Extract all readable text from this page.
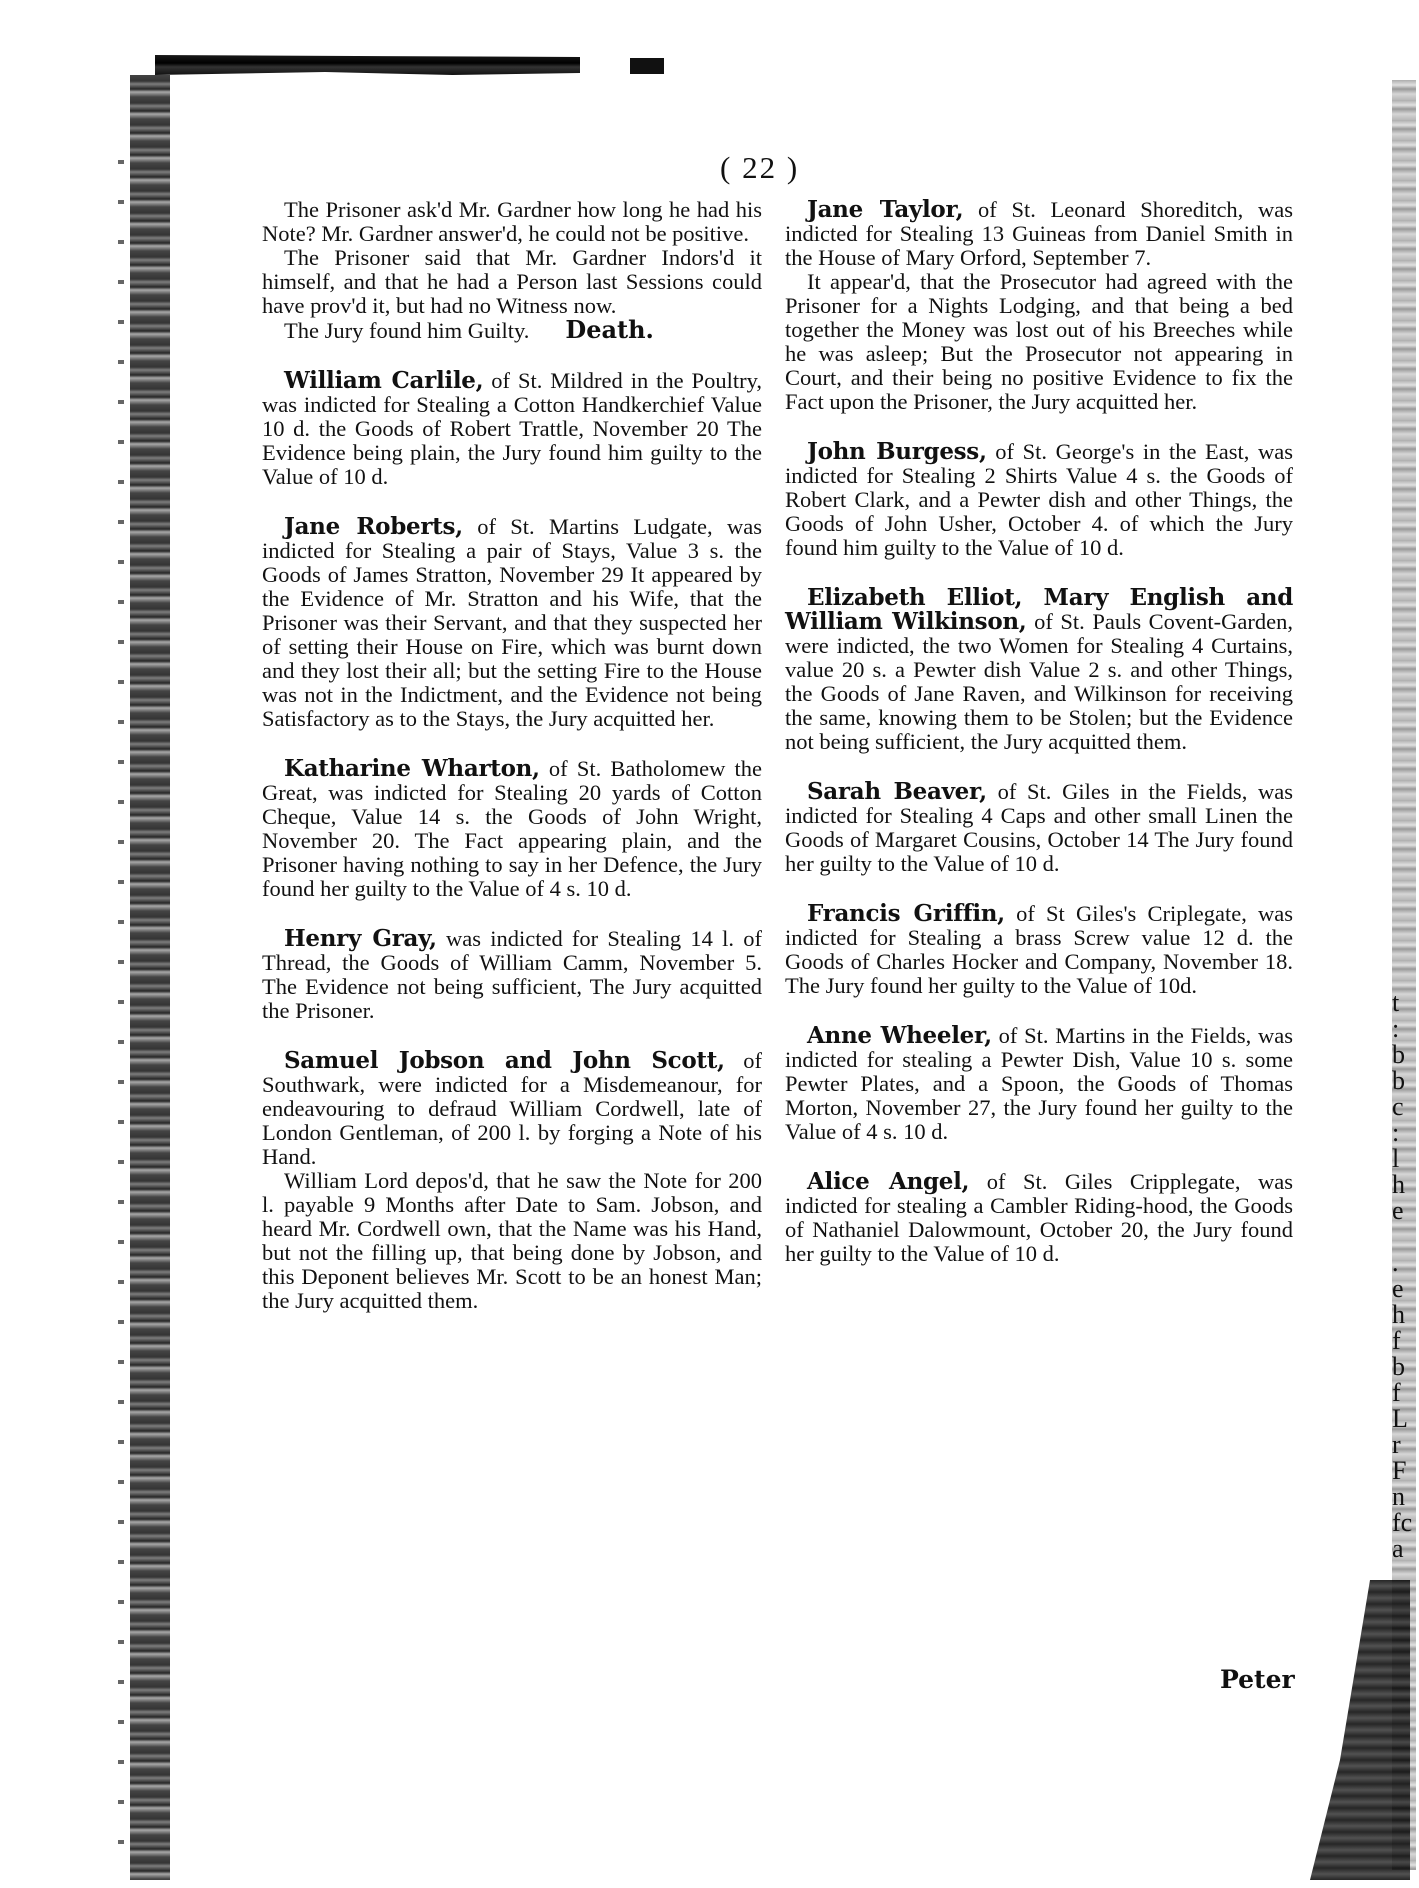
t
:
b
b
c
:
l
h
e

.
e
h
f
b
f
L
r
F
n
fc
a
( 22 )

The Prisoner ask'd Mr. Gardner how long he had his Note? Mr. Gardner answer'd, he could not be positive.

The Prisoner said that Mr. Gardner Indors'd it himself, and that he had a Person last Sessions could have prov'd it, but had no Witness now.

The Jury found him Guilty. Death.

William Carlile, of St. Mildred in the Poultry, was indicted for Stealing a Cotton Handkerchief Value 10 d. the Goods of Robert Trattle, November 20 The Evidence being plain, the Jury found him guilty to the Value of 10 d.

Jane Roberts, of St. Martins Ludgate, was indicted for Stealing a pair of Stays, Value 3 s. the Goods of James Stratton, November 29 It appeared by the Evidence of Mr. Stratton and his Wife, that the Prisoner was their Servant, and that they suspected her of setting their House on Fire, which was burnt down and they lost their all; but the setting Fire to the House was not in the Indictment, and the Evidence not being Satisfactory as to the Stays, the Jury acquitted her.

Katharine Wharton, of St. Batholomew the Great, was indicted for Stealing 20 yards of Cotton Cheque, Value 14 s. the Goods of John Wright, November 20. The Fact appearing plain, and the Prisoner having nothing to say in her Defence, the Jury found her guilty to the Value of 4 s. 10 d.

Henry Gray, was indicted for Stealing 14 l. of Thread, the Goods of William Camm, November 5. The Evidence not being sufficient, The Jury acquitted the Prisoner.

Samuel Jobson and John Scott, of Southwark, were indicted for a Misdemeanour, for endeavouring to defraud William Cordwell, late of London Gentleman, of 200 l. by forging a Note of his Hand.

William Lord depos'd, that he saw the Note for 200 l. payable 9 Months after Date to Sam. Jobson, and heard Mr. Cordwell own, that the Name was his Hand, but not the filling up, that being done by Jobson, and this Deponent believes Mr. Scott to be an honest Man; the Jury acquitted them.

Jane Taylor, of St. Leonard Shoreditch, was indicted for Stealing 13 Guineas from Daniel Smith in the House of Mary Orford, September 7.

It appear'd, that the Prosecutor had agreed with the Prisoner for a Nights Lodging, and that being a bed together the Money was lost out of his Breeches while he was asleep; But the Prosecutor not appearing in Court, and their being no positive Evidence to fix the Fact upon the Prisoner, the Jury acquitted her.

John Burgess, of St. George's in the East, was indicted for Stealing 2 Shirts Value 4 s. the Goods of Robert Clark, and a Pewter dish and other Things, the Goods of John Usher, October 4. of which the Jury found him guilty to the Value of 10 d.

Elizabeth Elliot, Mary English and William Wilkinson, of St. Pauls Covent-Garden, were indicted, the two Women for Stealing 4 Curtains, value 20 s. a Pewter dish Value 2 s. and other Things, the Goods of Jane Raven, and Wilkinson for receiving the same, knowing them to be Stolen; but the Evidence not being sufficient, the Jury acquitted them.

Sarah Beaver, of St. Giles in the Fields, was indicted for Stealing 4 Caps and other small Linen the Goods of Margaret Cousins, October 14 The Jury found her guilty to the Value of 10 d.

Francis Griffin, of St Giles's Criplegate, was indicted for Stealing a brass Screw value 12 d. the Goods of Charles Hocker and Company, November 18. The Jury found her guilty to the Value of 10d.

Anne Wheeler, of St. Martins in the Fields, was indicted for stealing a Pewter Dish, Value 10 s. some Pewter Plates, and a Spoon, the Goods of Thomas Morton, November 27, the Jury found her guilty to the Value of 4 s. 10 d.

Alice Angel, of St. Giles Cripplegate, was indicted for stealing a Cambler Riding-hood, the Goods of Nathaniel Dalowmount, October 20, the Jury found her guilty to the Value of 10 d.

Peter
